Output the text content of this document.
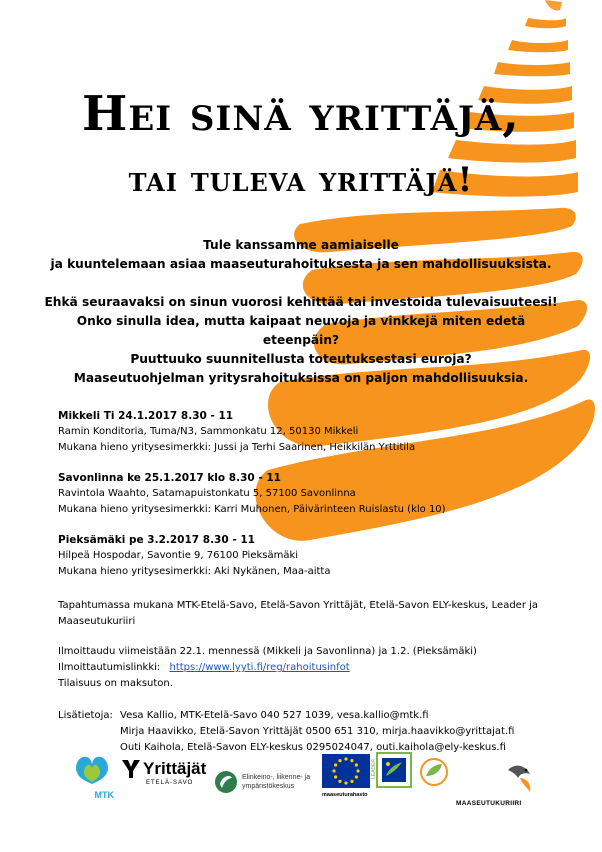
Hei sinä yrittäjä,
tai tuleva yrittäjä!

Tule kanssamme aamiaiselle

ja kuuntelemaan asiaa maaseuturahoituksesta ja sen mahdollisuuksista.

Ehkä seuraavaksi on sinun vuorosi kehittää tai investoida tulevaisuuteesi!

Onko sinulla idea, mutta kaipaat neuvoja ja vinkkejä miten edetä eteenpäin?

Puuttuuko suunnitellusta toteutuksestasi euroja?

Maaseutuohjelman yritysrahoituksissa on paljon mahdollisuuksia.

Mikkeli Ti 24.1.2017 8.30 - 11
Ramin Konditoria, Tuma/N3, Sammonkatu 12, 50130 Mikkeli
Mukana hieno yritysesimerkki: Jussi ja Terhi Saarinen, Heikkilän Yrttitila
Savonlinna ke 25.1.2017 klo 8.30 - 11
Ravintola Waahto, Satamapuistonkatu 5, 57100 Savonlinna
Mukana hieno yritysesimerkki: Karri Muhonen, Päivärinteen Ruislastu (klo 10)
Pieksämäki pe 3.2.2017 8.30 - 11
Hilpeä Hospodar, Savontie 9, 76100 Pieksämäki
Mukana hieno yritysesimerkki: Aki Nykänen, Maa-aitta

Tapahtumassa mukana MTK-Etelä-Savo, Etelä-Savon Yrittäjät, Etelä-Savon ELY-keskus, Leader ja

Maaseutukuriiri

Ilmoittaudu viimeistään 22.1. mennessä (Mikkeli ja Savonlinna) ja 1.2. (Pieksämäki)

Ilmoittautumislinkki: https://www.lyyti.fi/reg/rahoitusinfot

Tilaisuus on maksuton.

Lisätietoja: Vesa Kallio, MTK-Etelä-Savo 040 527 1039, vesa.kallio@mtk.fi
Mirja Haavikko, Etelä-Savon Yrittäjät 0500 651 310, mirja.haavikko@yrittajat.fi
Outi Kaihola, Etelä-Savon ELY-keskus 0295024047, outi.kaihola@ely-keskus.fi
MTK
Yrittäjät
ETELÄ-SAVO
Elinkeino-, liikenne- ja
ympäristökeskus
maaseuturahasto
LEADER
MAASEUTUKURIIRI
